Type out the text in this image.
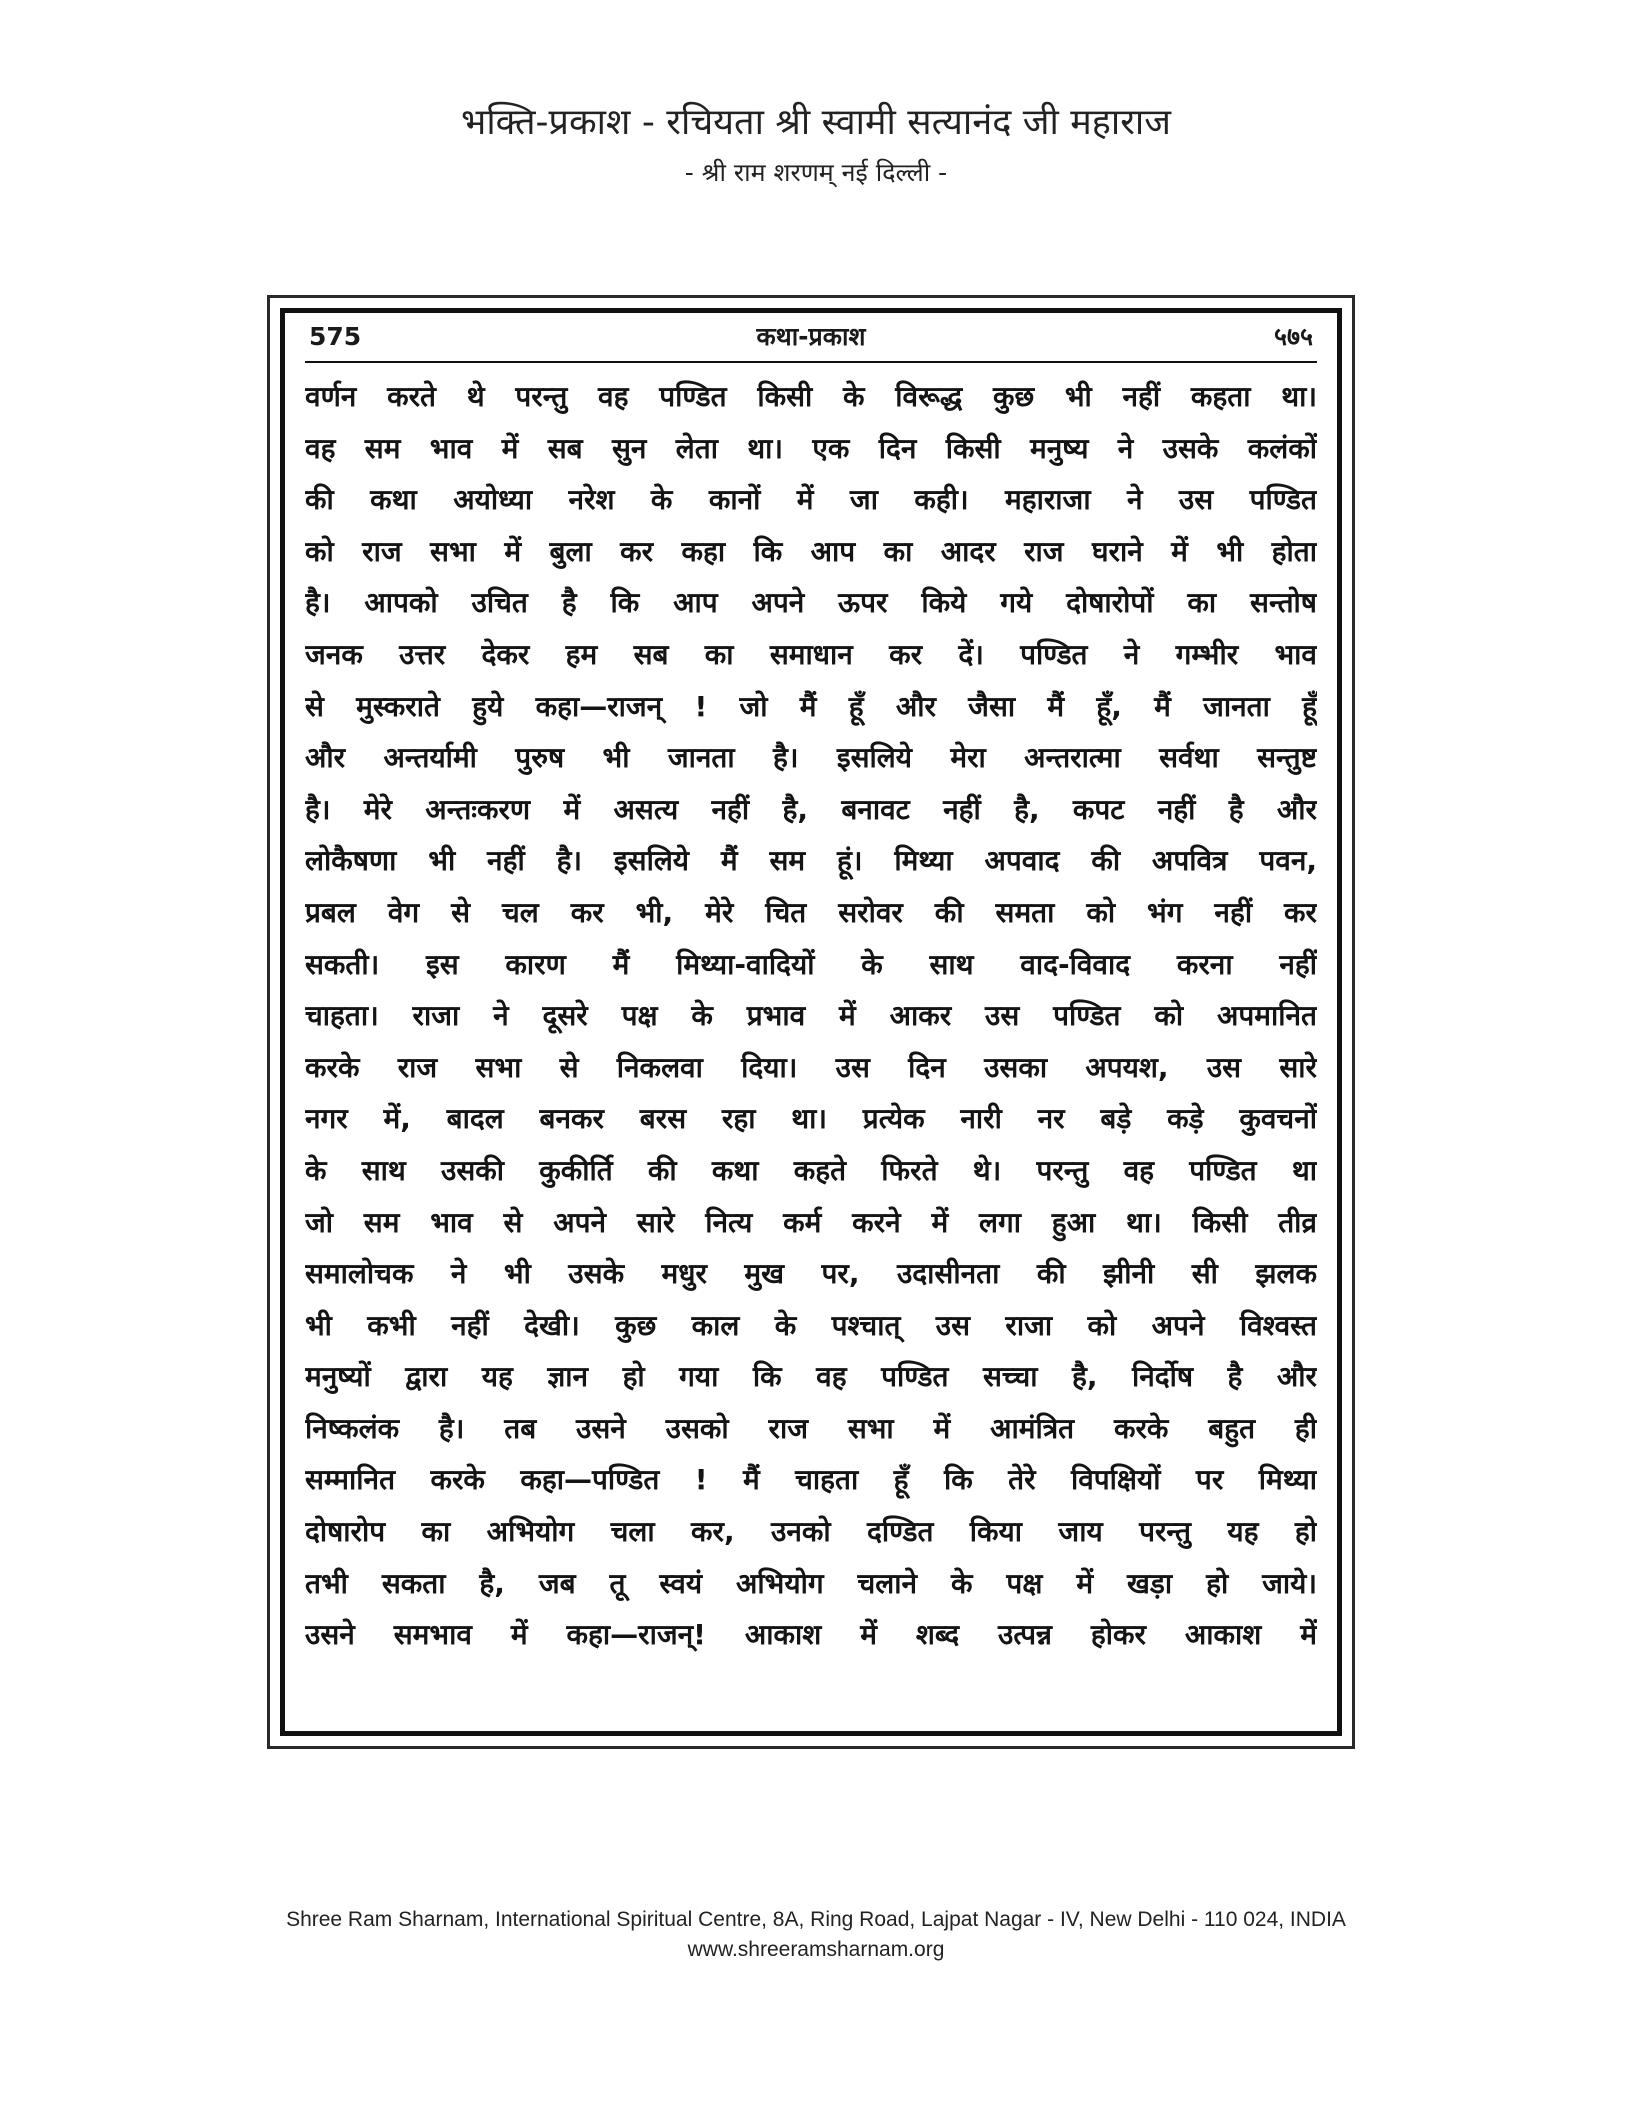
भक्ति-प्रकाश - रचियता श्री स्वामी सत्यानंद जी महाराज
- श्री राम शरणम् नई दिल्ली -
कथा-प्रकाश
575	५७५
वर्णन करते थे परन्तु वह पण्डित किसी के विरूद्ध कुछ भी नहीं कहता था।
वह सम भाव में सब सुन लेता था। एक दिन किसी मनुष्य ने उसके कलंकों
की कथा अयोध्या नरेश के कानों में जा कही। महाराजा ने उस पण्डित
को राज सभा में बुला कर कहा कि आप का आदर राज घराने में भी होता
है। आपको उचित है कि आप अपने ऊपर किये गये दोषारोपों का सन्तोष
जनक उत्तर देकर हम सब का समाधान कर दें। पण्डित ने गम्भीर भाव
से मुस्कराते हुये कहा—राजन् ! जो मैं हूँ और जैसा मैं हूँ, मैं जानता हूँ
और अन्तर्यामी पुरुष भी जानता है। इसलिये मेरा अन्तरात्मा सर्वथा सन्तुष्ट
है। मेरे अन्तःकरण में असत्य नहीं है, बनावट नहीं है, कपट नहीं है और
लोकैषणा भी नहीं है। इसलिये मैं सम हूं। मिथ्या अपवाद की अपवित्र पवन,
प्रबल वेग से चल कर भी, मेरे चित सरोवर की समता को भंग नहीं कर
सकती। इस कारण मैं मिथ्या-वादियों के साथ वाद-विवाद करना नहीं
चाहता। राजा ने दूसरे पक्ष के प्रभाव में आकर उस पण्डित को अपमानित
करके राज सभा से निकलवा दिया। उस दिन उसका अपयश, उस सारे
नगर में, बादल बनकर बरस रहा था। प्रत्येक नारी नर बड़े कड़े कुवचनों
के साथ उसकी कुकीर्ति की कथा कहते फिरते थे। परन्तु वह पण्डित था
जो सम भाव से अपने सारे नित्य कर्म करने में लगा हुआ था। किसी तीव्र
समालोचक ने भी उसके मधुर मुख पर, उदासीनता की झीनी सी झलक
भी कभी नहीं देखी। कुछ काल के पश्चात् उस राजा को अपने विश्वस्त
मनुष्यों द्वारा यह ज्ञान हो गया कि वह पण्डित सच्चा है, निर्दोष है और
निष्कलंक है। तब उसने उसको राज सभा में आमंत्रित करके बहुत ही
सम्मानित करके कहा—पण्डित ! मैं चाहता हूँ कि तेरे विपक्षियों पर मिथ्या
दोषारोप का अभियोग चला कर, उनको दण्डित किया जाय परन्तु यह हो
तभी सकता है, जब तू स्वयं अभियोग चलाने के पक्ष में खड़ा हो जाये।
उसने समभाव में कहा—राजन्! आकाश में शब्द उत्पन्न होकर आकाश में
Shree Ram Sharnam, International Spiritual Centre, 8A, Ring Road, Lajpat Nagar - IV, New Delhi - 110 024, INDIA
www.shreeramsharnam.org
